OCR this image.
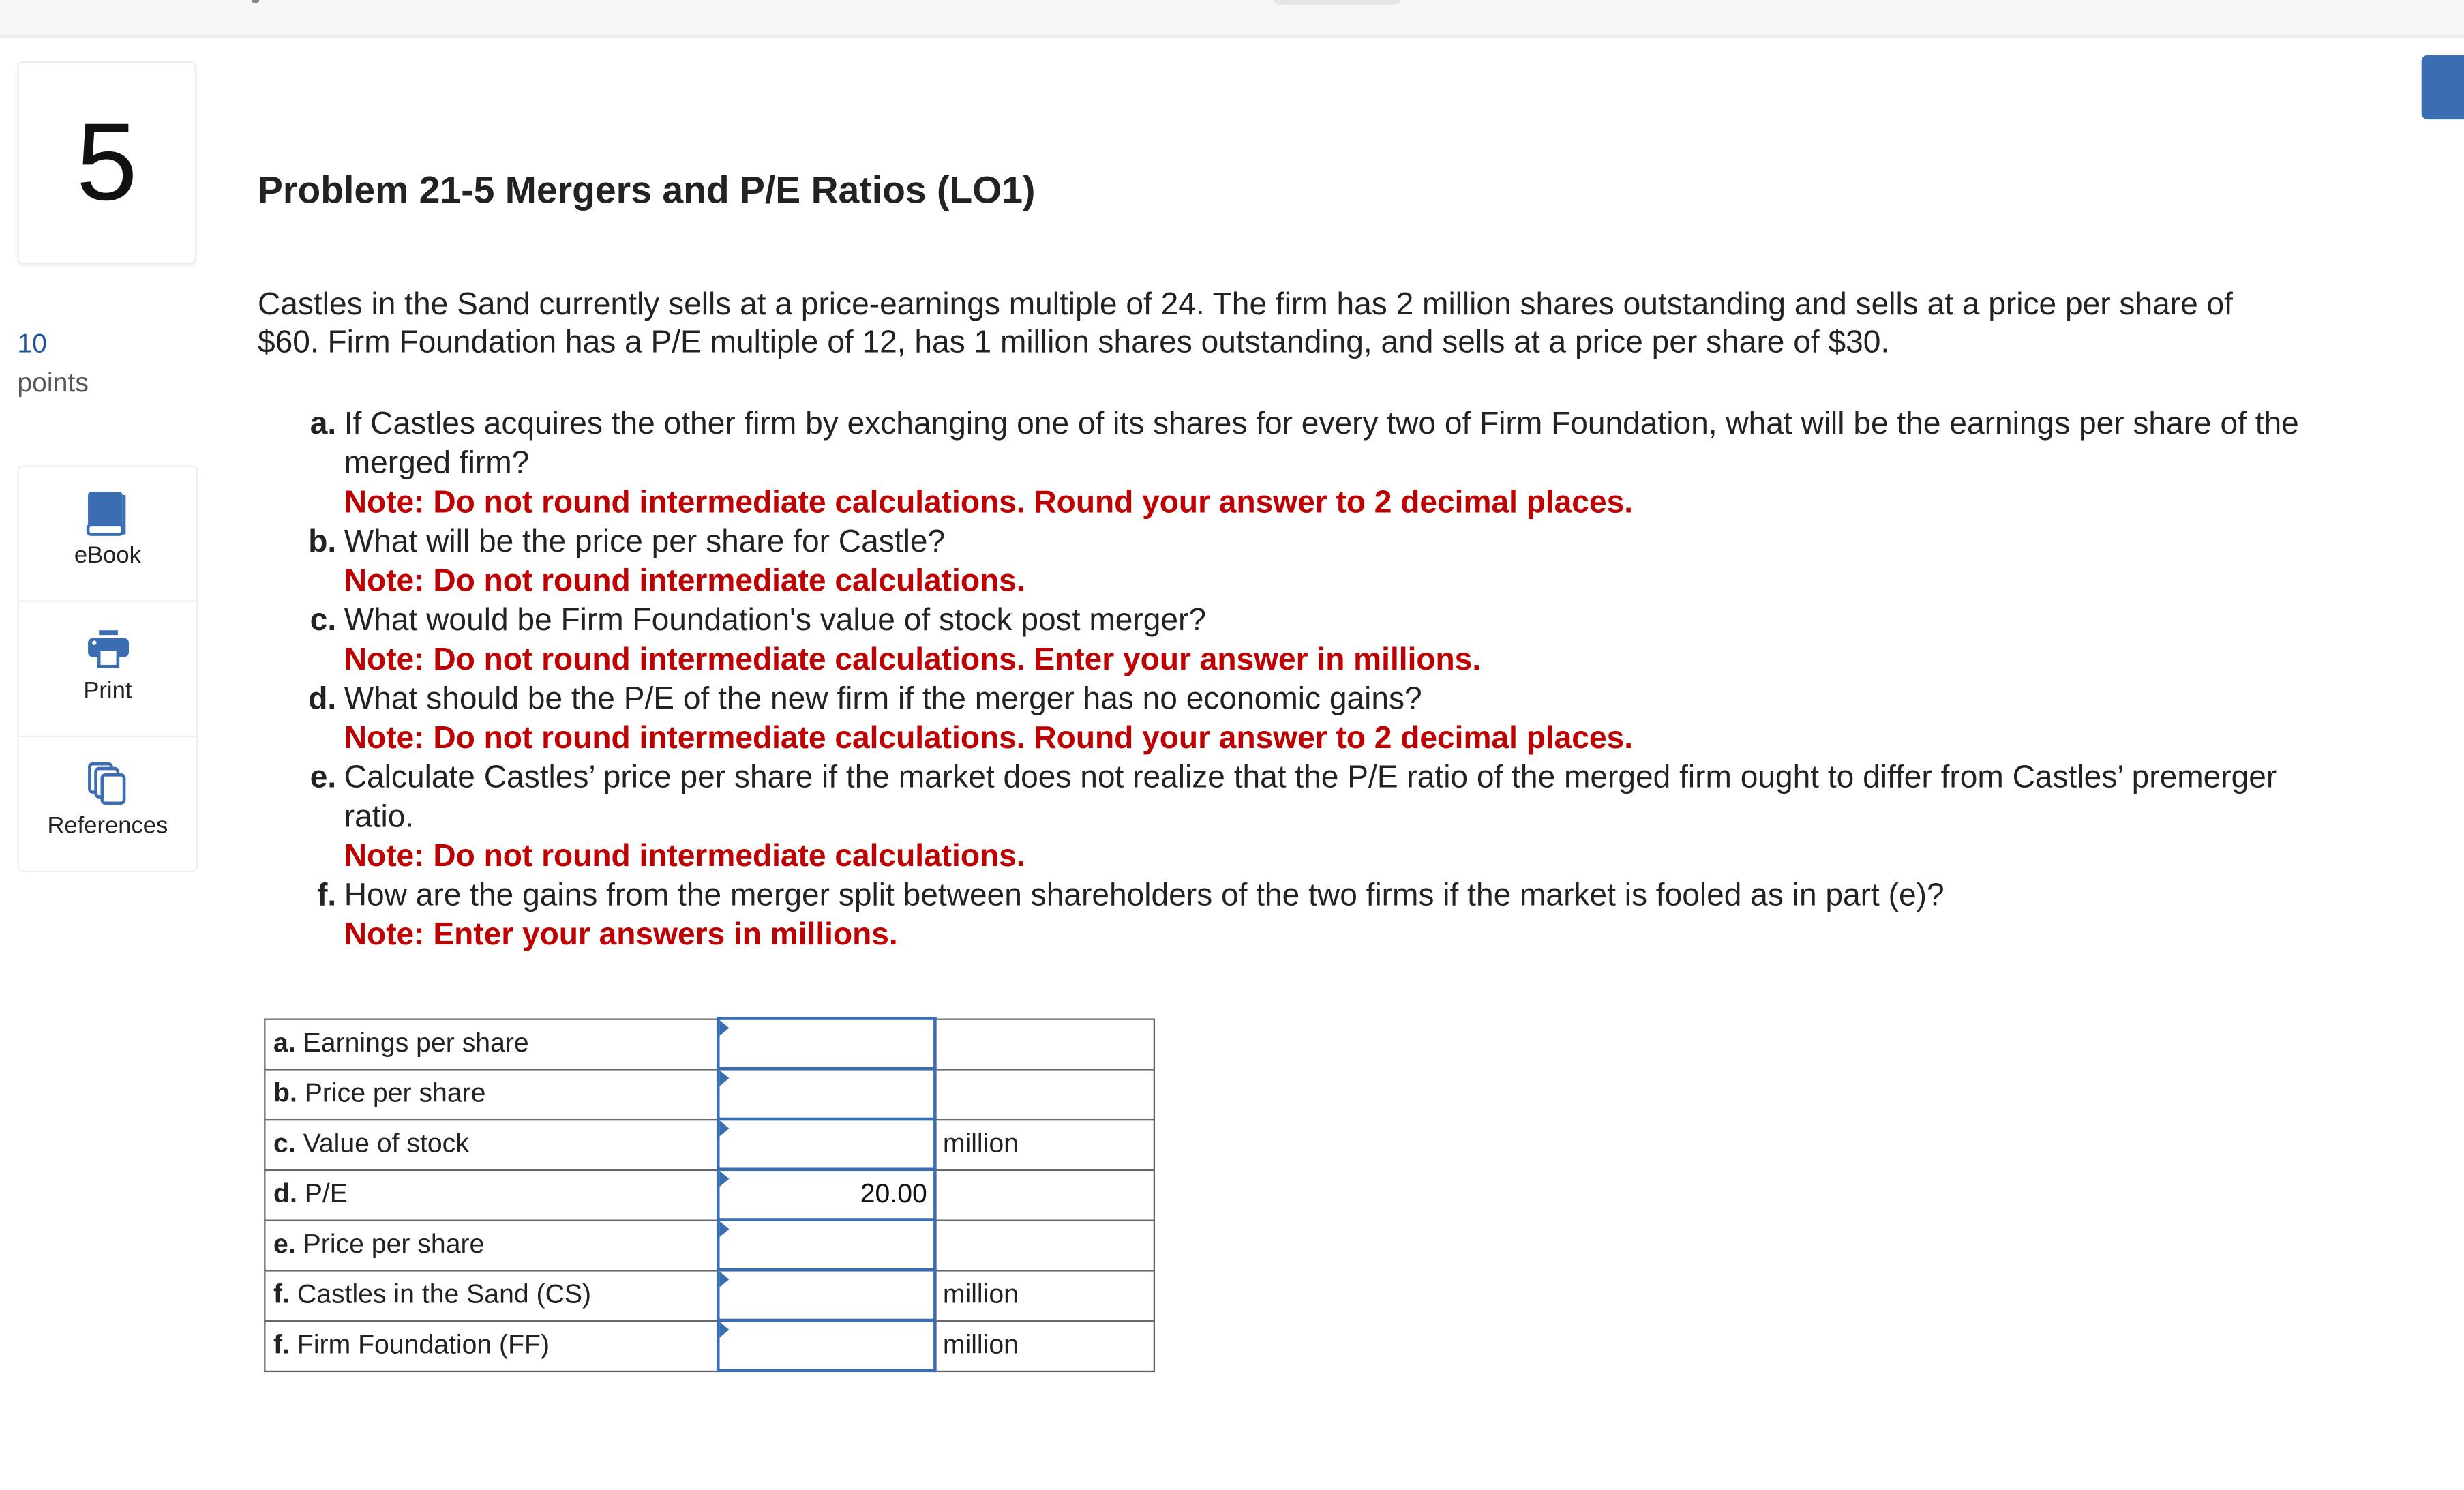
5
10
points
eBook
Print
References
Problem 21-5 Mergers and P/E Ratios (LO1)

Castles in the Sand currently sells at a price-earnings multiple of 24. The firm has 2 million shares outstanding and sells at a price per share of $60. Firm Foundation has a P/E multiple of 12, has 1 million shares outstanding, and sells at a price per share of $30.

a. If Castles acquires the other firm by exchanging one of its shares for every two of Firm Foundation, what will be the earnings per share of the merged firm?
Note: Do not round intermediate calculations. Round your answer to 2 decimal places.
b. What will be the price per share for Castle?
Note: Do not round intermediate calculations.
c. What would be Firm Foundation's value of stock post merger?
Note: Do not round intermediate calculations. Enter your answer in millions.
d. What should be the P/E of the new firm if the merger has no economic gains?
Note: Do not round intermediate calculations. Round your answer to 2 decimal places.
e. Calculate Castles’ price per share if the market does not realize that the P/E ratio of the merged firm ought to differ from Castles’ premerger ratio.
Note: Do not round intermediate calculations.
f. How are the gains from the merger split between shareholders of the two firms if the market is fooled as in part (e)?
Note: Enter your answers in millions.
a. Earnings per share	

b. Price per share	

c. Value of stock		million
d. P/E	20.00	

e. Price per share	

f. Castles in the Sand (CS)		million
f. Firm Foundation (FF)		million
